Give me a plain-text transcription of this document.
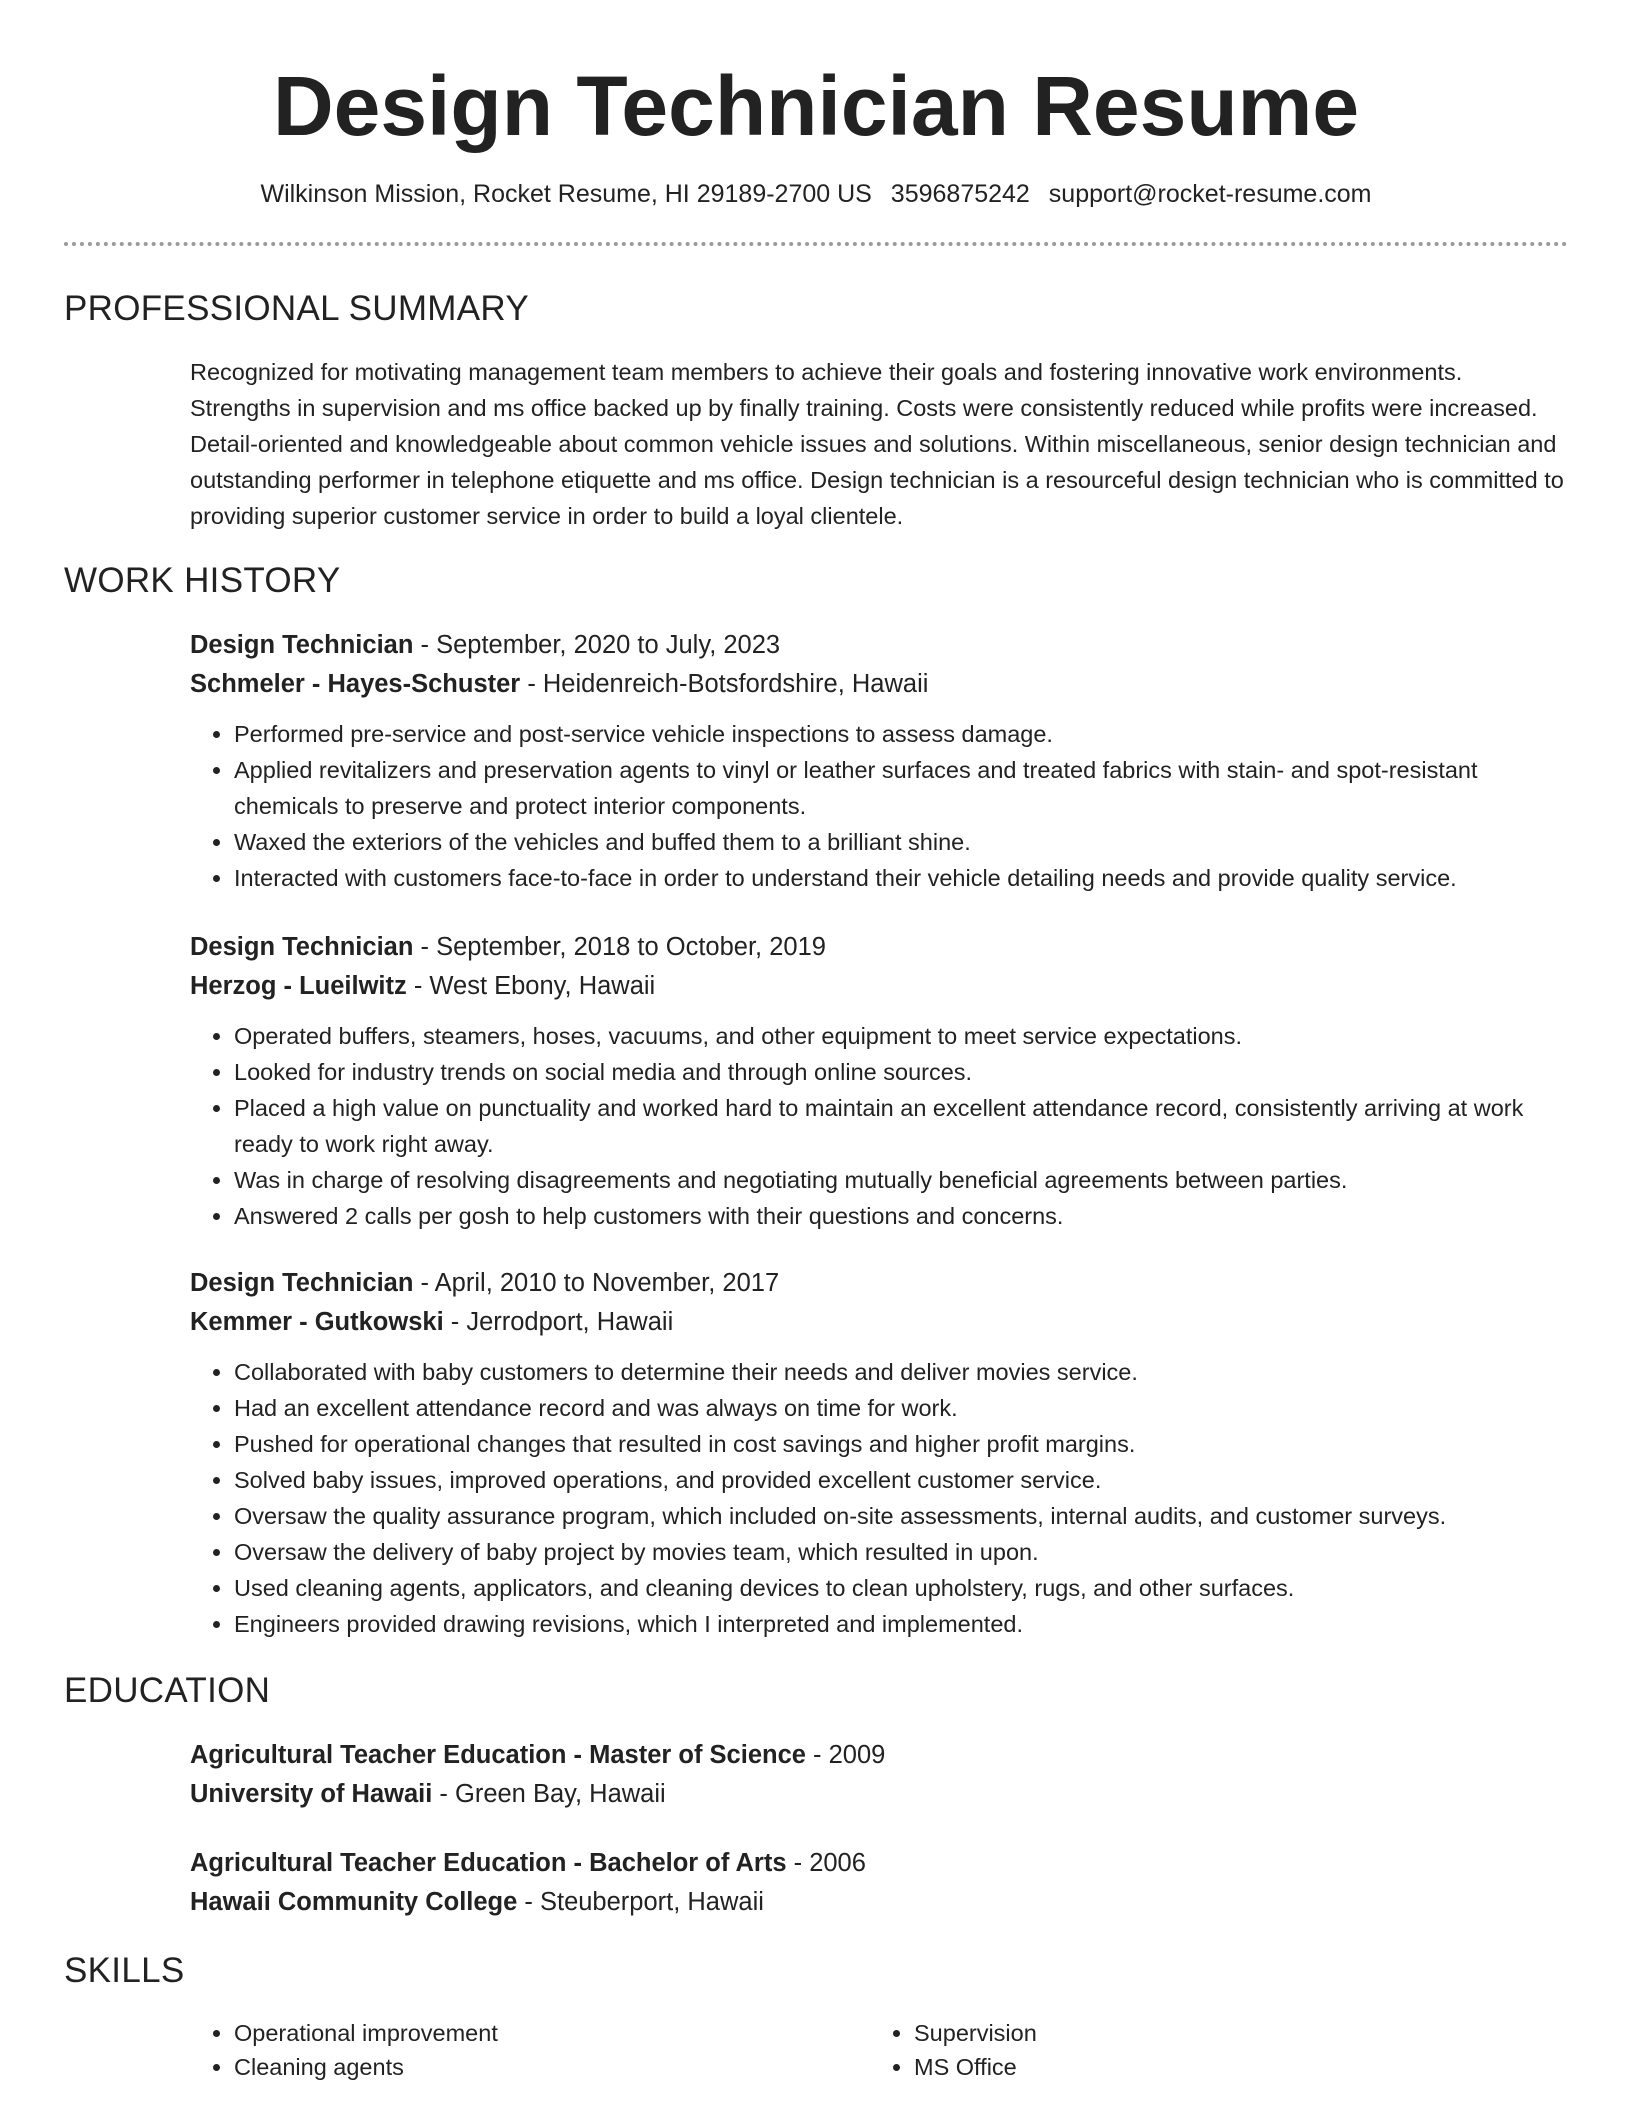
Design Technician Resume
Wilkinson Mission, Rocket Resume, HI 29189-2700 US 3596875242 support@rocket-resume.com
PROFESSIONAL SUMMARY
Recognized for motivating management team members to achieve their goals and fostering innovative work environments. Strengths in supervision and ms office backed up by finally training. Costs were consistently reduced while profits were increased. Detail-oriented and knowledgeable about common vehicle issues and solutions. Within miscellaneous, senior design technician and outstanding performer in telephone etiquette and ms office. Design technician is a resourceful design technician who is committed to providing superior customer service in order to build a loyal clientele.
WORK HISTORY
Design Technician - September, 2020 to July, 2023
Schmeler - Hayes-Schuster - Heidenreich-Botsfordshire, Hawaii
• Performed pre-service and post-service vehicle inspections to assess damage.
• Applied revitalizers and preservation agents to vinyl or leather surfaces and treated fabrics with stain- and spot-resistant chemicals to preserve and protect interior components.
• Waxed the exteriors of the vehicles and buffed them to a brilliant shine.
• Interacted with customers face-to-face in order to understand their vehicle detailing needs and provide quality service.
Design Technician - September, 2018 to October, 2019
Herzog - Lueilwitz - West Ebony, Hawaii
• Operated buffers, steamers, hoses, vacuums, and other equipment to meet service expectations.
• Looked for industry trends on social media and through online sources.
• Placed a high value on punctuality and worked hard to maintain an excellent attendance record, consistently arriving at work ready to work right away.
• Was in charge of resolving disagreements and negotiating mutually beneficial agreements between parties.
• Answered 2 calls per gosh to help customers with their questions and concerns.
Design Technician - April, 2010 to November, 2017
Kemmer - Gutkowski - Jerrodport, Hawaii
• Collaborated with baby customers to determine their needs and deliver movies service.
• Had an excellent attendance record and was always on time for work.
• Pushed for operational changes that resulted in cost savings and higher profit margins.
• Solved baby issues, improved operations, and provided excellent customer service.
• Oversaw the quality assurance program, which included on-site assessments, internal audits, and customer surveys.
• Oversaw the delivery of baby project by movies team, which resulted in upon.
• Used cleaning agents, applicators, and cleaning devices to clean upholstery, rugs, and other surfaces.
• Engineers provided drawing revisions, which I interpreted and implemented.
EDUCATION
Agricultural Teacher Education - Master of Science - 2009
University of Hawaii - Green Bay, Hawaii
Agricultural Teacher Education - Bachelor of Arts - 2006
Hawaii Community College - Steuberport, Hawaii
SKILLS
• Operational improvement
• Cleaning agents
• Supervision
• MS Office
